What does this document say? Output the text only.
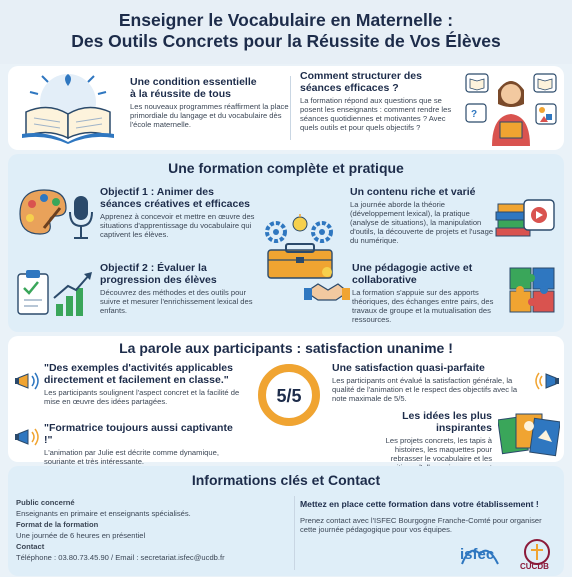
Enseigner le Vocabulaire en Maternelle :
Des Outils Concrets pour la Réussite de Vos Élèves
Une condition essentielle
à la réussite de tous

Les nouveaux programmes réaffirment la place primordiale du langage et du vocabulaire dès l'école maternelle.

Comment structurer des
séances efficaces ?

La formation répond aux questions que se posent les enseignants : comment rendre les séances quotidiennes et motivantes ? Avec quels outils et pour quels objectifs ?

?
Une formation complète et pratique
Objectif 1 : Animer des
séances créatives et efficaces

Apprenez à concevoir et mettre en œuvre des situations d'apprentissage du vocabulaire qui captivent les élèves.

Objectif 2 : Évaluer la
progression des élèves

Découvrez des méthodes et des outils pour suivre et mesurer l'enrichissement lexical des enfants.

Un contenu riche et varié

La journée aborde la théorie (développement lexical), la pratique (analyse de situations), la manipulation d'outils, la découverte de projets et l'usage du numérique.

Une pédagogie active et
collaborative

La formation s'appuie sur des apports théoriques, des échanges entre pairs, des travaux de groupe et la mutualisation des ressources.

La parole aux participants : satisfaction unanime !
"Des exemples d'activités applicables
directement et facilement en classe."

Les participants soulignent l'aspect concret et la facilité de mise en œuvre des idées partagées.

"Formatrice toujours aussi captivante !"

L'animation par Julie est décrite comme dynamique, souriante et très intéressante.

5/5
Une satisfaction quasi-parfaite

Les participants ont évalué la satisfaction générale, la qualité de l'animation et le respect des objectifs avec la note maximale de 5/5.

Les idées les plus inspirantes

Les projets concrets, les tapis à histoires, les maquettes pour rebrasser le vocabulaire et les

Informations clés et Contact

Public concerné

Enseignants en primaire et enseignants spécialisés.

Format de la formation

Une journée de 6 heures en présentiel

Contact

Téléphone : 03.80.73.45.90 / Email : secretariat.isfec@ucdb.fr

Mettez en place cette formation dans votre établissement !

Prenez contact avec l'ISFEC Bourgogne Franche-Comté pour organiser cette journée pédagogique pour vos équipes.

isfec
CUCDB
